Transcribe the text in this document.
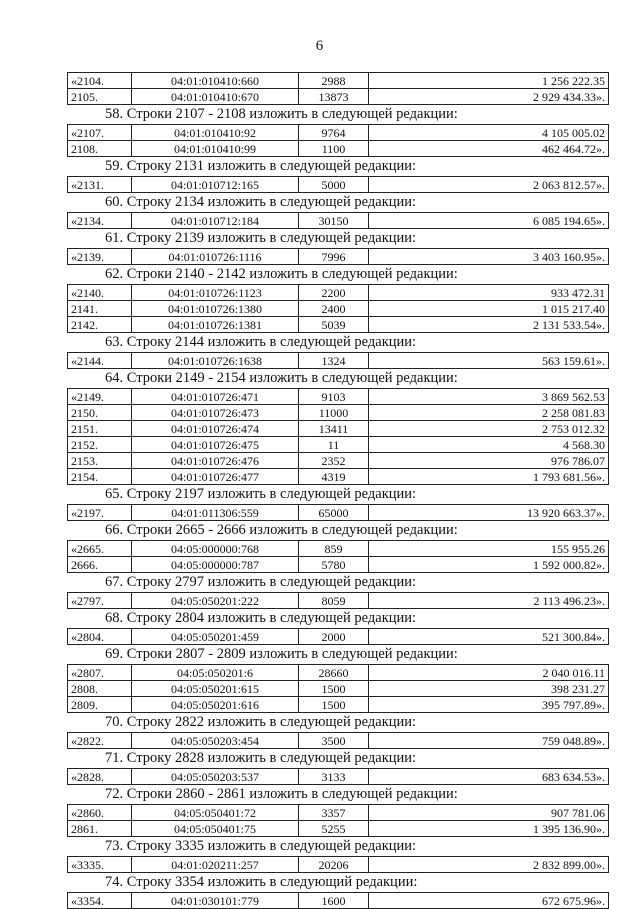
6
«2104.	04:01:010410:660	2988	1 256 222.35
2105.	04:01:010410:670	13873	2 929 434.33».
58. Строки 2107 - 2108 изложить в следующей редакции:
«2107.	04:01:010410:92	9764	4 105 005.02
2108.	04:01:010410:99	1100	462 464.72».
59. Строку 2131 изложить в следующей редакции:
«2131.	04:01:010712:165	5000	2 063 812.57».
60. Строку 2134 изложить в следующей редакции:
«2134.	04:01:010712:184	30150	6 085 194.65».
61. Строку 2139 изложить в следующей редакции:
«2139.	04:01:010726:1116	7996	3 403 160.95».
62. Строки 2140 - 2142 изложить в следующей редакции:
«2140.	04:01:010726:1123	2200	933 472.31
2141.	04:01:010726:1380	2400	1 015 217.40
2142.	04:01:010726:1381	5039	2 131 533.54».
63. Строку 2144 изложить в следующей редакции:
«2144.	04:01:010726:1638	1324	563 159.61».
64. Строки 2149 - 2154 изложить в следующей редакции:
«2149.	04:01:010726:471	9103	3 869 562.53
2150.	04:01:010726:473	11000	2 258 081.83
2151.	04:01:010726:474	13411	2 753 012.32
2152.	04:01:010726:475	11	4 568.30
2153.	04:01:010726:476	2352	976 786.07
2154.	04:01:010726:477	4319	1 793 681.56».
65. Строку 2197 изложить в следующей редакции:
«2197.	04:01:011306:559	65000	13 920 663.37».
66. Строки 2665 - 2666 изложить в следующей редакции:
«2665.	04:05:000000:768	859	155 955.26
2666.	04:05:000000:787	5780	1 592 000.82».
67. Строку 2797 изложить в следующей редакции:
«2797.	04:05:050201:222	8059	2 113 496.23».
68. Строку 2804 изложить в следующей редакции:
«2804.	04:05:050201:459	2000	521 300.84».
69. Строки 2807 - 2809 изложить в следующей редакции:
«2807.	04:05:050201:6	28660	2 040 016.11
2808.	04:05:050201:615	1500	398 231.27
2809.	04:05:050201:616	1500	395 797.89».
70. Строку 2822 изложить в следующей редакции:
«2822.	04:05:050203:454	3500	759 048.89».
71. Строку 2828 изложить в следующей редакции:
«2828.	04:05:050203:537	3133	683 634.53».
72. Строки 2860 - 2861 изложить в следующей редакции:
«2860.	04:05:050401:72	3357	907 781.06
2861.	04:05:050401:75	5255	1 395 136.90».
73. Строку 3335 изложить в следующей редакции:
«3335.	04:01:020211:257	20206	2 832 899.00».
74. Строку 3354 изложить в следующий редакции:
«3354.	04:01:030101:779	1600	672 675.96».
